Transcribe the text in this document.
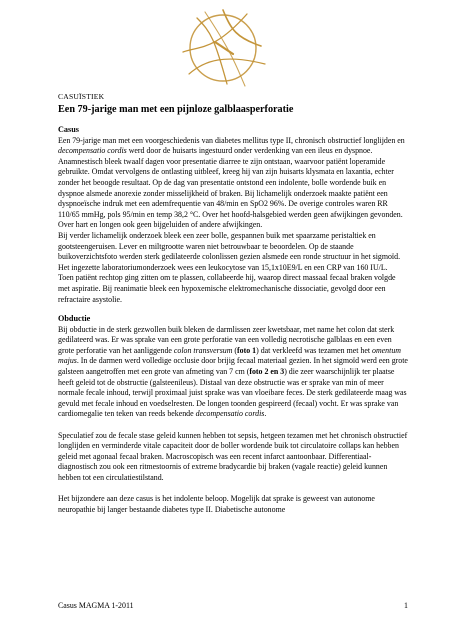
CASUÏSTIEK
Een 79-jarige man met een pijnloze galblaasperforatie
Casus

Een 79-jarige man met een voorgeschiedenis van diabetes mellitus type II, chronisch obstructief longlijden en decompensatio cordis werd door de huisarts ingestuurd onder verdenking van een ileus en dyspnoe. Anamnestisch bleek twaalf dagen voor presentatie diarree te zijn ontstaan, waarvoor patiënt loperamide gebruikte. Omdat vervolgens de ontlasting uitbleef, kreeg hij van zijn huisarts klysmata en laxantia, echter zonder het beoogde resultaat. Op de dag van presentatie ontstond een indolente, bolle wordende buik en dyspnoe alsmede anorexie zonder misselijkheid of braken. Bij lichamelijk onderzoek maakte patiënt een dyspnoeïsche indruk met een ademfrequentie van 48/min en SpO2 96%. De overige controles waren RR 110/65 mmHg, pols 95/min en temp 38,2 °C. Over het hoofd-halsgebied werden geen afwijkingen gevonden. Over hart en longen ook geen bijgeluiden of andere afwijkingen.

Bij verder lichamelijk onderzoek bleek een zeer bolle, gespannen buik met spaarzame peristaltiek en gootsteengeruisen. Lever en miltgrootte waren niet betrouwbaar te beoordelen. Op de staande buikoverzichtsfoto werden sterk gedilateerde colonlissen gezien alsmede een ronde structuur in het sigmoïd. Het ingezette laboratoriumonderzoek wees een leukocytose van 15,1x10E9/L en een CRP van 160 IU/L.

Toen patiënt rechtop ging zitten om te plassen, collabeerde hij, waarop direct massaal fecaal braken volgde met aspiratie. Bij reanimatie bleek een hypoxemische elektromechanische dissociatie, gevolgd door een refractaire asystolie.

Obductie

Bij obductie in de sterk gezwollen buik bleken de darmlissen zeer kwetsbaar, met name het colon dat sterk gedilateerd was. Er was sprake van een grote perforatie van een volledig necrotische galblaas en een even grote perforatie van het aanliggende colon transversum (foto 1) dat verkleefd was tezamen met het omentum majus. In de darmen werd volledige occlusie door brijig fecaal materiaal gezien. In het sigmoïd werd een grote galsteen aangetroffen met een grote van afmeting van 7 cm (foto 2 en 3) die zeer waarschijnlijk ter plaatse heeft geleid tot de obstructie (galsteenileus). Distaal van deze obstructie was er sprake van min of meer normale fecale inhoud, terwijl proximaal juist sprake was van vloeibare feces. De sterk gedilateerde maag was gevuld met fecale inhoud en voedselresten. De longen toonden gespireerd (fecaal) vocht. Er was sprake van cardiomegalie ten teken van reeds bekende decompensatio cordis.

Speculatief zou de fecale stase geleid kunnen hebben tot sepsis, hetgeen tezamen met het chronisch obstructief longlijden en verminderde vitale capaciteit door de boller wordende buik tot circulatoire collaps kan hebben geleid met agonaal fecaal braken. Macroscopisch was een recent infarct aantoonbaar. Differentiaal-diagnostisch zou ook een ritmestoornis of extreme bradycardie bij braken (vagale reactie) geleid kunnen hebben tot een circulatiestilstand.

Het bijzondere aan deze casus is het indolente beloop. Mogelijk dat sprake is geweest van autonome neuropathie bij langer bestaande diabetes type II. Diabetische autonome

Casus MAGMA 1-2011	1
